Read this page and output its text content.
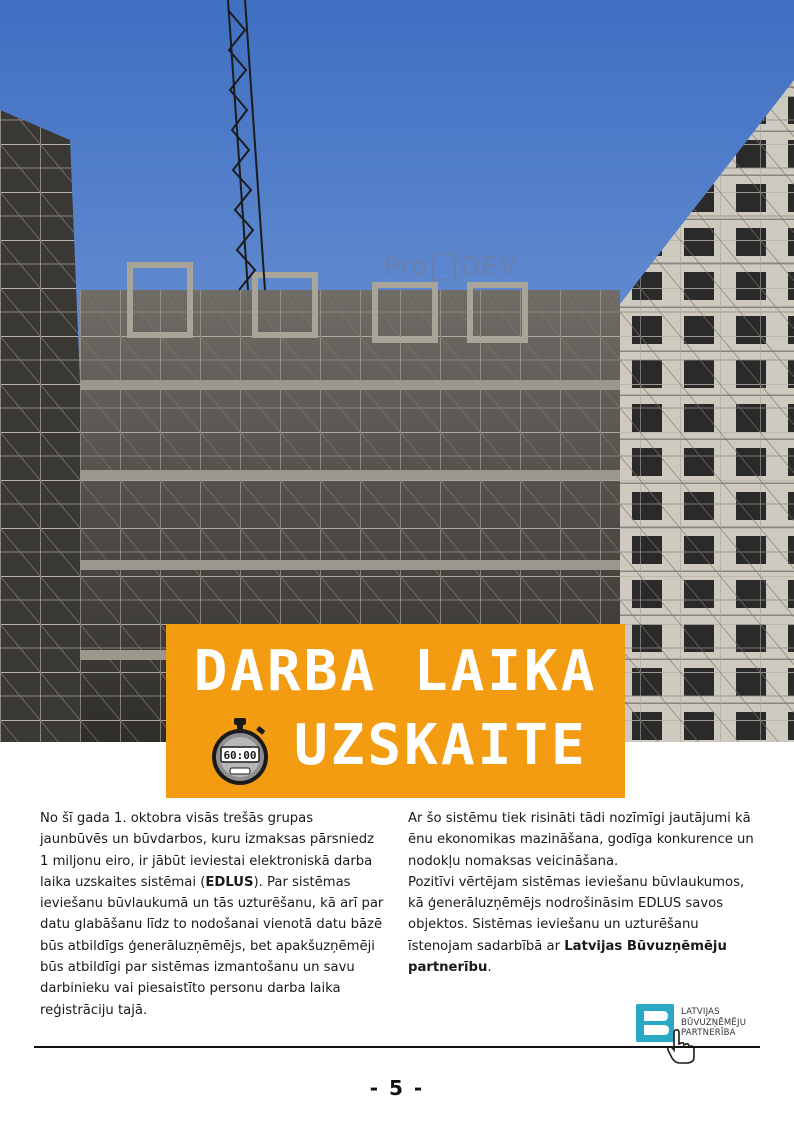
Pro DEV
DARBA LAIKA
60:00 UZSKAITE

No šī gada 1. oktobra visās trešās grupas jaunbūvēs un būvdarbos, kuru izmaksas pārsniedz 1 miljonu eiro, ir jābūt ieviestai elektroniskā darba laika uzskaites sistēmai (EDLUS). Par sistēmas ieviešanu būvlaukumā un tās uzturēšanu, kā arī par datu glabāšanu līdz to nodošanai vienotā datu bāzē būs atbildīgs ģenerāluzņēmējs, bet apakšuzņēmēji būs atbildīgi par sistēmas izmantošanu un savu darbinieku vai piesaistīto personu darba laika reģistrāciju tajā.

Ar šo sistēmu tiek risināti tādi nozīmīgi jautājumi kā ēnu ekonomikas mazināšana, godīga konkurence un nodokļu nomaksas veicināšana.

Pozitīvi vērtējam sistēmas ieviešanu būvlaukumos, kā ģenerāluzņēmējs nodrošināsim EDLUS savos objektos. Sistēmas ieviešanu un uzturēšanu īstenojam sadarbībā ar Latvijas Būvuzņēmēju partnerību.

LATVIJAS
BŪVUZŅĒMĒJU
PARTNERĪBA
- 5 -
